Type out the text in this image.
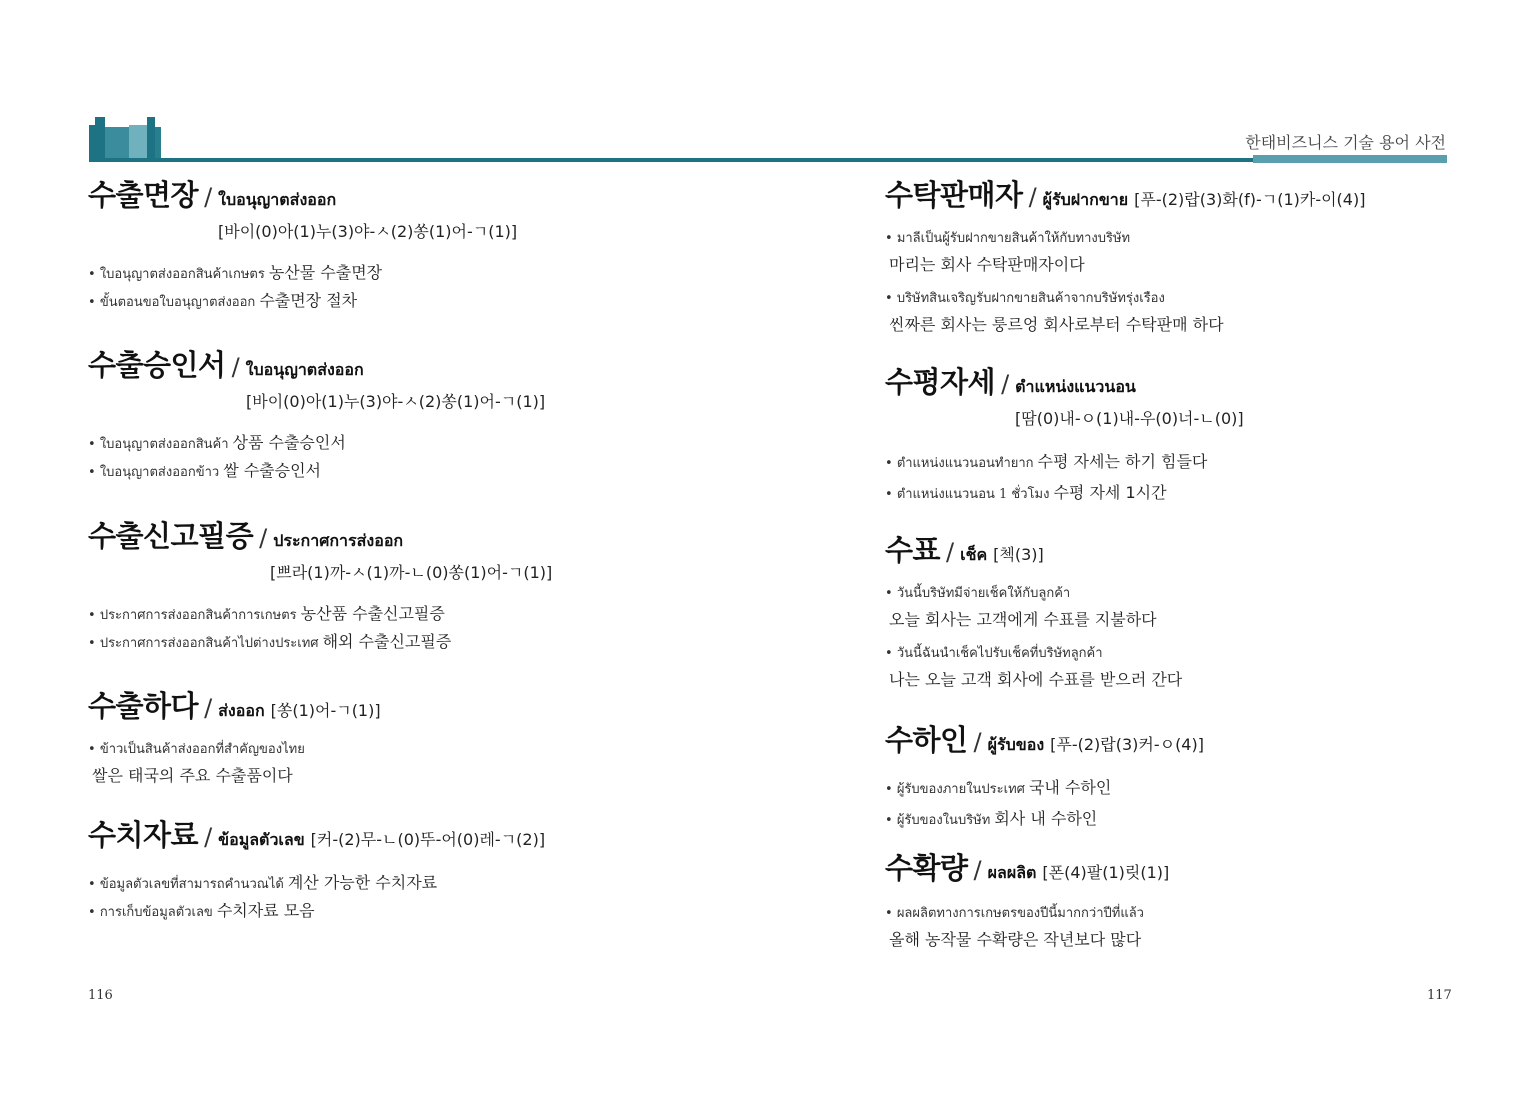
한태비즈니스 기술 용어 사전
수출면장 / ใบอนุญาตส่งออก
[바이(0)아(1)누(3)야-ㅅ(2)쏭(1)어-ㄱ(1)]
• ใบอนุญาตส่งออกสินค้าเกษตร 농산물 수출면장
• ขั้นตอนขอใบอนุญาตส่งออก 수출면장 절차
수출승인서 / ใบอนุญาตส่งออก
[바이(0)아(1)누(3)야-ㅅ(2)쏭(1)어-ㄱ(1)]
• ใบอนุญาตส่งออกสินค้า 상품 수출승인서
• ใบอนุญาตส่งออกข้าว 쌀 수출승인서
수출신고필증 / ประกาศการส่งออก
[쁘라(1)까-ㅅ(1)까-ㄴ(0)쏭(1)어-ㄱ(1)]
• ประกาศการส่งออกสินค้าการเกษตร 농산품 수출신고필증
• ประกาศการส่งออกสินค้าไปต่างประเทศ 해외 수출신고필증
수출하다 / ส่งออก [쏭(1)어-ㄱ(1)]
• ข้าวเป็นสินค้าส่งออกที่สำคัญของไทย
쌀은 태국의 주요 수출품이다
수치자료 / ข้อมูลตัวเลข [커-(2)무-ㄴ(0)뚜-어(0)레-ㄱ(2)]
• ข้อมูลตัวเลขที่สามารถคำนวณได้ 계산 가능한 수치자료
• การเก็บข้อมูลตัวเลข 수치자료 모음
수탁판매자 / ผู้รับฝากขาย [푸-(2)랍(3)화(f)-ㄱ(1)카-이(4)]
• มาลีเป็นผู้รับฝากขายสินค้าให้กับทางบริษัท
마리는 회사 수탁판매자이다
• บริษัทสินเจริญรับฝากขายสินค้าจากบริษัทรุ่งเรือง
씬짜른 회사는 룽르엉 회사로부터 수탁판매 하다
수평자세 / ตำแหน่งแนวนอน
[땀(0)내-ㅇ(1)내-우(0)너-ㄴ(0)]
• ตำแหน่งแนวนอนทำยาก 수평 자세는 하기 힘들다
• ตำแหน่งแนวนอน 1 ชั่วโมง 수평 자세 1시간
수표 / เช็ค [첵(3)]
• วันนี้บริษัทมีจ่ายเช็คให้กับลูกค้า
오늘 회사는 고객에게 수표를 지불하다
• วันนี้ฉันนำเช็คไปรับเช็คที่บริษัทลูกค้า
나는 오늘 고객 회사에 수표를 받으러 간다
수하인 / ผู้รับของ [푸-(2)랍(3)커-ㅇ(4)]
• ผู้รับของภายในประเทศ 국내 수하인
• ผู้รับของในบริษัท 회사 내 수하인
수확량 / ผลผลิต [폰(4)팔(1)릿(1)]
• ผลผลิตทางการเกษตรของปีนี้มากกว่าปีที่แล้ว
올해 농작물 수확량은 작년보다 많다
116	117
